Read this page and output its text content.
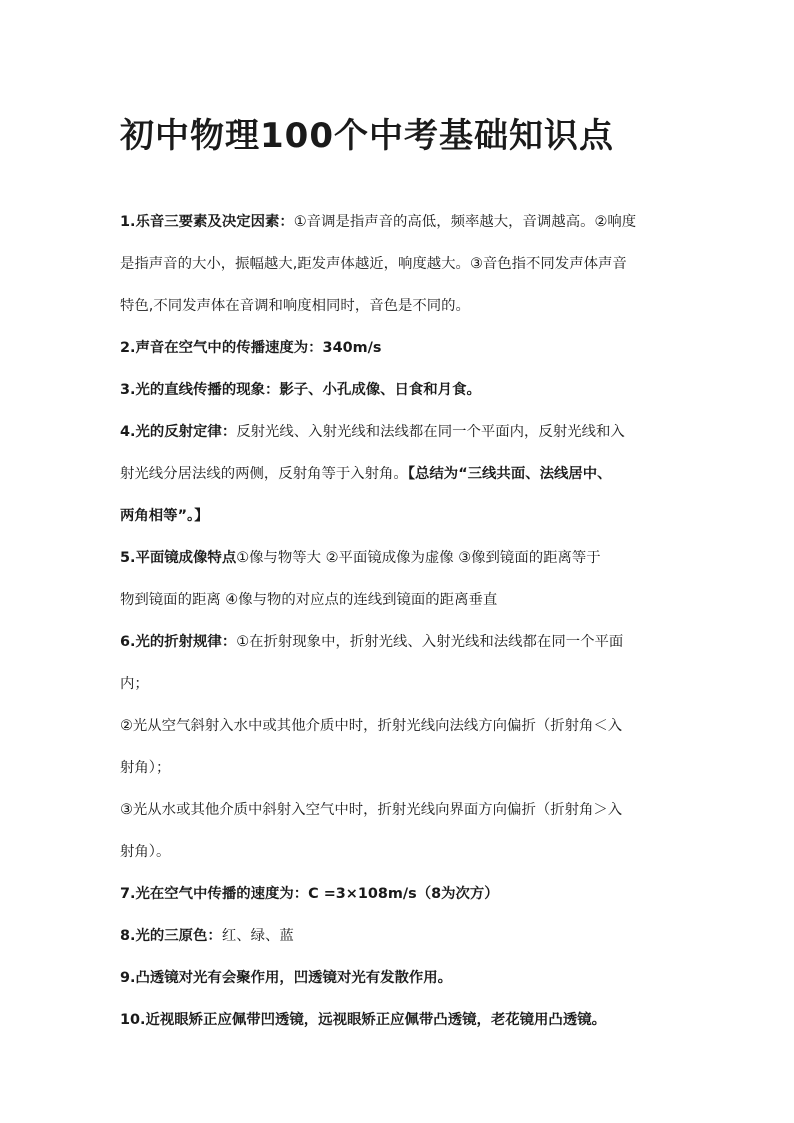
初中物理100个中考基础知识点

1.乐音三要素及决定因素：①音调是指声音的高低，频率越大，音调越高。②响度

是指声音的大小，振幅越大,距发声体越近，响度越大。③音色指不同发声体声音

特色,不同发声体在音调和响度相同时，音色是不同的。

2.声音在空气中的传播速度为：340m/s

3.光的直线传播的现象：影子、小孔成像、日食和月食。

4.光的反射定律：反射光线、入射光线和法线都在同一个平面内，反射光线和入

射光线分居法线的两侧，反射角等于入射角。【总结为“三线共面、法线居中、

两角相等”。】

5.平面镜成像特点①像与物等大 ②平面镜成像为虚像 ③像到镜面的距离等于

物到镜面的距离 ④像与物的对应点的连线到镜面的距离垂直

6.光的折射规律：①在折射现象中，折射光线、入射光线和法线都在同一个平面

内；

②光从空气斜射入水中或其他介质中时，折射光线向法线方向偏折（折射角＜入

射角）；

③光从水或其他介质中斜射入空气中时，折射光线向界面方向偏折（折射角＞入

射角）。

7.光在空气中传播的速度为：C =3×108m/s（8为次方）

8.光的三原色：红、绿、蓝

9.凸透镜对光有会聚作用，凹透镜对光有发散作用。

10.近视眼矫正应佩带凹透镜，远视眼矫正应佩带凸透镜，老花镜用凸透镜。
